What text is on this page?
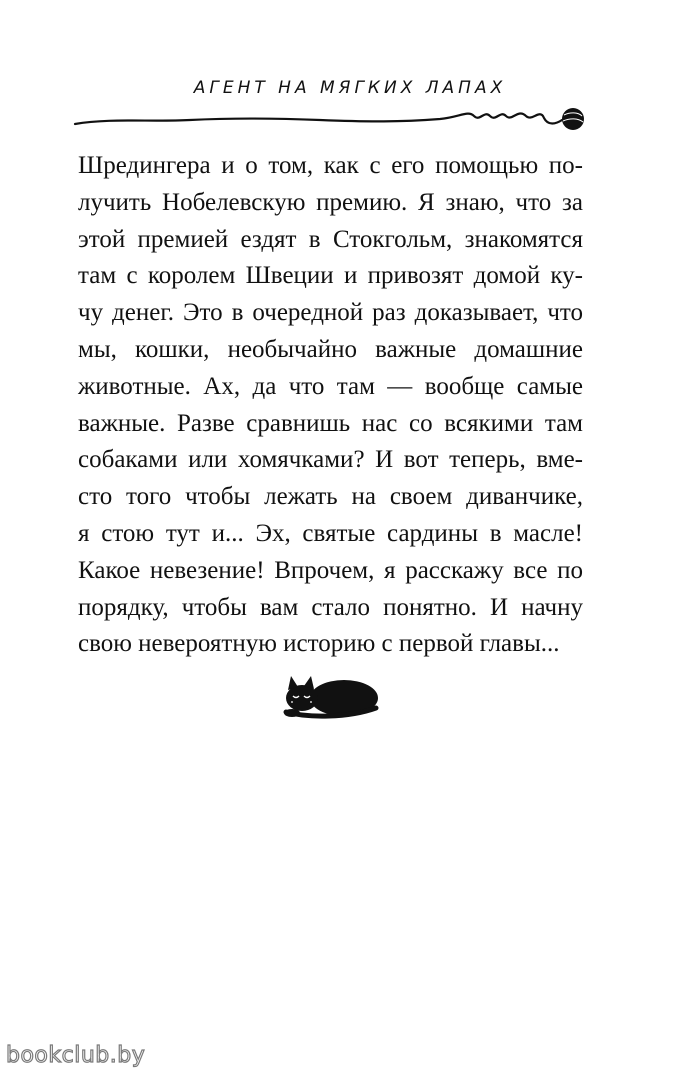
АГЕНТ НА МЯГКИХ ЛАПАХ
Шредингера и о том, как с его помощью по-
лучить Нобелевскую премию. Я знаю, что за
этой премией ездят в Стокгольм, знакомятся
там с королем Швеции и привозят домой ку-
чу денег. Это в очередной раз доказывает, что
мы, кошки, необычайно важные домашние
животные. Ах, да что там — вообще самые
важные. Разве сравнишь нас со всякими там
собаками или хомячками? И вот теперь, вме-
сто того чтобы лежать на своем диванчике,
я стою тут и... Эх, святые сардины в масле!
Какое невезение! Впрочем, я расскажу все по
порядку, чтобы вам стало понятно. И начну
свою невероятную историю с первой главы...
bookclub.by
